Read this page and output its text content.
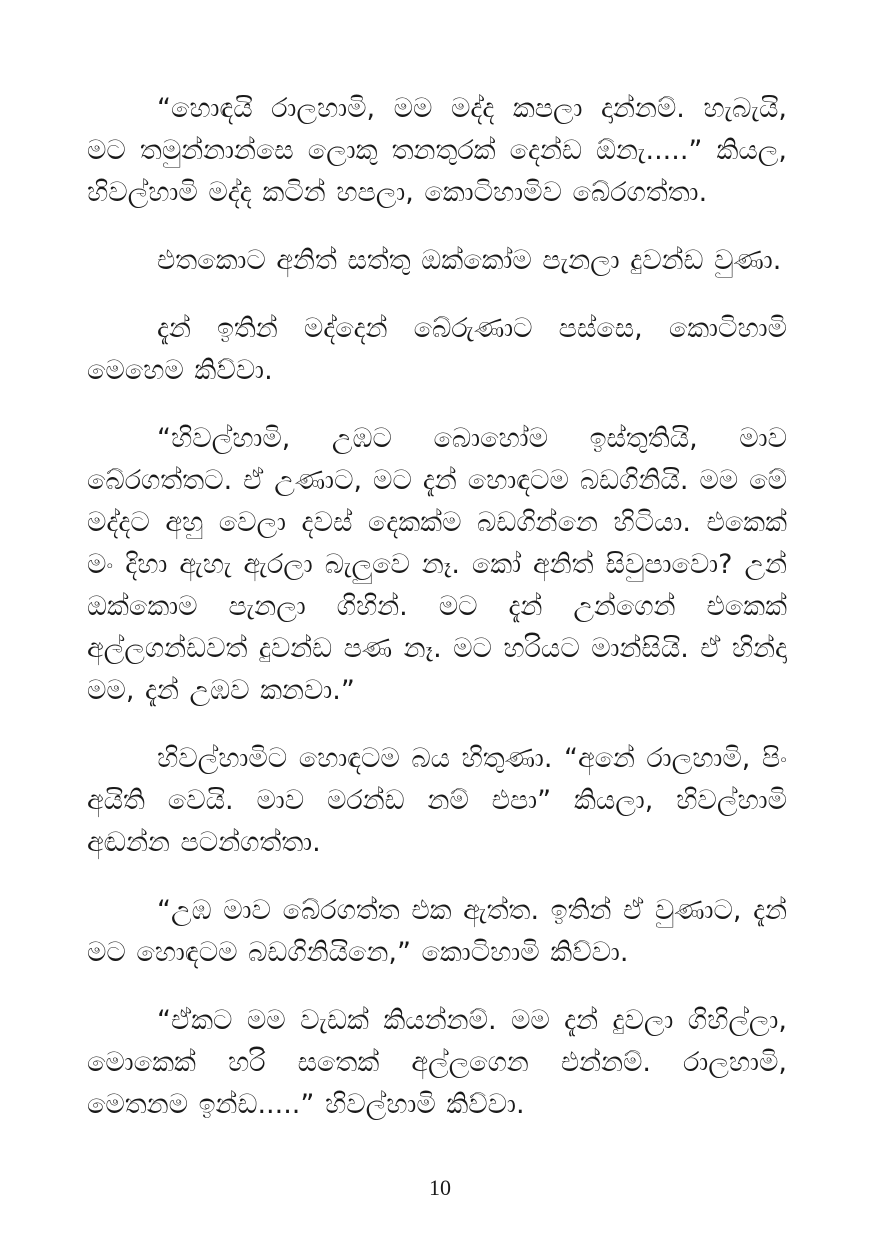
“හොඳයි රාලහාමි, මම මද්ද කපලා දාන්නම්. හැබැයි, මට තමුන්නාන්සෙ ලොකු තනතුරක් දෙන්ඩ ඕනැ.....” කියල, හිවල්හාමි මද්ද කටින් හපලා, කොටිහාමිව බේරගත්තා.

එතකොට අනිත් සත්තු ඔක්කෝම පැනලා දුවන්ඩ වුණා.

දැන් ඉතින් මද්දෙන් බේරුණාට පස්සෙ, කොටිහාමි මෙහෙම කිව්වා.

“හිවල්හාමි, උඹට බොහෝම ඉස්තුතියි, මාව බේරගත්තට. ඒ උණාට, මට දැන් හොඳටම බඩගිනියි. මම මේ මද්දට අහු වෙලා දවස් දෙකක්ම බඩගින්නෙ හිටියා. එකෙක් මං දිහා ඇහැ ඇරලා බැලුවෙ නෑ. කෝ අනිත් සිවුපාවො? උන් ඔක්කොම පැනලා ගිහින්. මට දැන් උන්ගෙන් එකෙක් අල්ලගන්ඩවත් දුවන්ඩ පණ නෑ. මට හරියට මාන්සියි. ඒ හින්දා මම, දැන් උඹව කනවා.”

හිවල්හාමිට හොඳටම බය හිතුණා. “අනේ රාලහාමි, පිං අයිති වෙයි. මාව මරන්ඩ නම් එපා” කියලා, හිවල්හාමි අඬන්න පටන්ගත්තා.

“උඹ මාව බේරගත්ත එක ඇත්ත. ඉතින් ඒ වුණාට, දැන් මට හොඳටම බඩගිනියිනෙ,” කොටිහාමි කිව්වා.

“ඒකට මම වැඩක් කියන්නම්. මම දැන් දුවලා ගිහිල්ලා, මොකෙක් හරි සතෙක් අල්ලගෙන එන්නම්. රාලහාමි, මෙතනම ඉන්ඩ.....” හිවල්හාමි කිව්වා.

10
